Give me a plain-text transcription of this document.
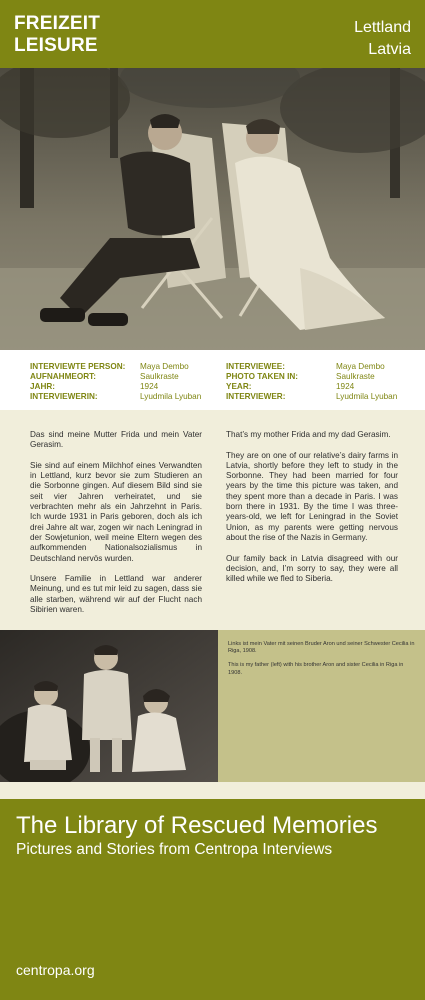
FREIZEIT
LEISURE
Lettland
Latvia
INTERVIEWTE PERSON:	Maya Dembo
AUFNAHMEORT:	Saulkraste
JAHR:	1924
INTERVIEWERIN:	Lyudmila Lyuban
INTERVIEWEE:	Maya Dembo
PHOTO TAKEN IN:	Saulkraste
YEAR:	1924
INTERVIEWER:	Lyudmila Lyuban

Das sind meine Mutter Frida und mein Vater Gerasim.

Sie sind auf einem Milchhof eines Verwandten in Lettland, kurz bevor sie zum Studieren an die Sorbonne gingen. Auf diesem Bild sind sie seit vier Jahren verheiratet, und sie verbrachten mehr als ein Jahrzehnt in Paris. Ich wurde 1931 in Paris geboren, doch als ich drei Jahre alt war, zogen wir nach Leningrad in der Sowjetunion, weil meine Eltern wegen des aufkommenden Nationalsozialismus in Deutschland nervös wurden.

Unsere Familie in Lettland war anderer Meinung, und es tut mir leid zu sagen, dass sie alle starben, während wir auf der Flucht nach Sibirien waren.

That’s my mother Frida and my dad Gerasim.

They are on one of our relative’s dairy farms in Latvia, shortly before they left to study in the Sorbonne. They had been married for four years by the time this picture was taken, and they spent more than a decade in Paris. I was born there in 1931. By the time I was three-years-old, we left for Leningrad in the Soviet Union, as my parents were getting nervous about the rise of the Nazis in Germany.

Our family back in Latvia disagreed with our decision, and, I’m sorry to say, they were all killed while we fled to Siberia.

Links ist mein Vater mit seinen Bruder Aron und seiner Schwester Cecilia in Riga, 1908.

This is my father (left) with his brother Aron and sister Cecilia in Riga in 1908.

The Library of Rescued Memories
Pictures and Stories from Centropa Interviews
centropa.org
